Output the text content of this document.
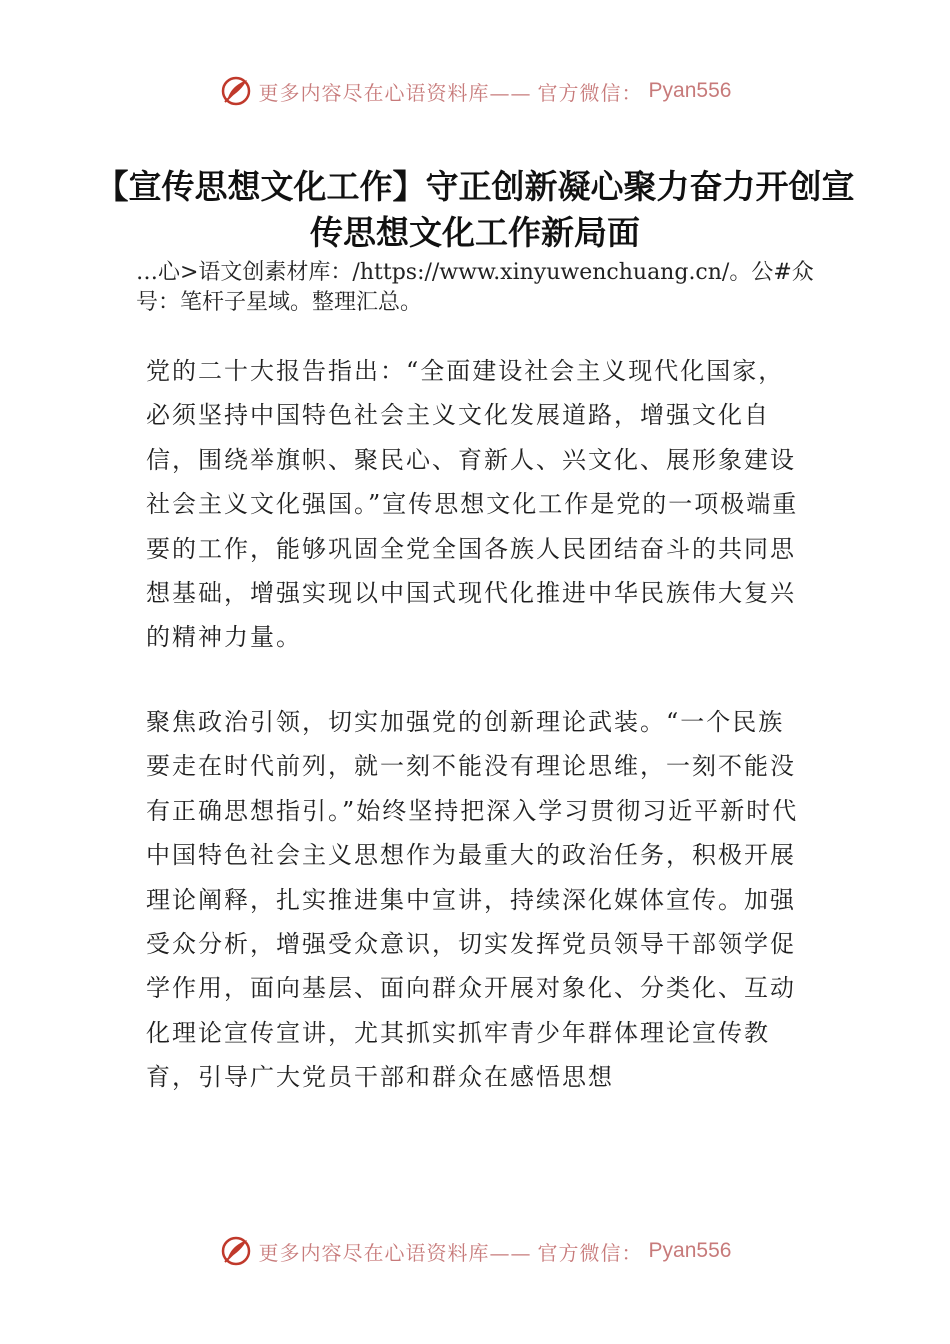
更多内容尽在心语资料库—— 官方微信： Pyan556
【宣传思想文化工作】守正创新凝心聚力奋力开创宣传思想文化工作新局面
…心>语文创素材库：/https://www.xinyuwenchuang.cn/。公#众号：笔杆子星域。整理汇总。

党的二十大报告指出：“全面建设社会主义现代化国家，必须坚持中国特色社会主义文化发展道路，增强文化自信，围绕举旗帜、聚民心、育新人、兴文化、展形象建设社会主义文化强国。”宣传思想文化工作是党的一项极端重要的工作，能够巩固全党全国各族人民团结奋斗的共同思想基础，增强实现以中国式现代化推进中华民族伟大复兴的精神力量。

聚焦政治引领，切实加强党的创新理论武装。“一个民族要走在时代前列，就一刻不能没有理论思维，一刻不能没有正确思想指引。”始终坚持把深入学习贯彻习近平新时代中国特色社会主义思想作为最重大的政治任务，积极开展理论阐释，扎实推进集中宣讲，持续深化媒体宣传。加强受众分析，增强受众意识，切实发挥党员领导干部领学促学作用，面向基层、面向群众开展对象化、分类化、互动化理论宣传宣讲，尤其抓实抓牢青少年群体理论宣传教育，引导广大党员干部和群众在感悟思想

更多内容尽在心语资料库—— 官方微信： Pyan556
